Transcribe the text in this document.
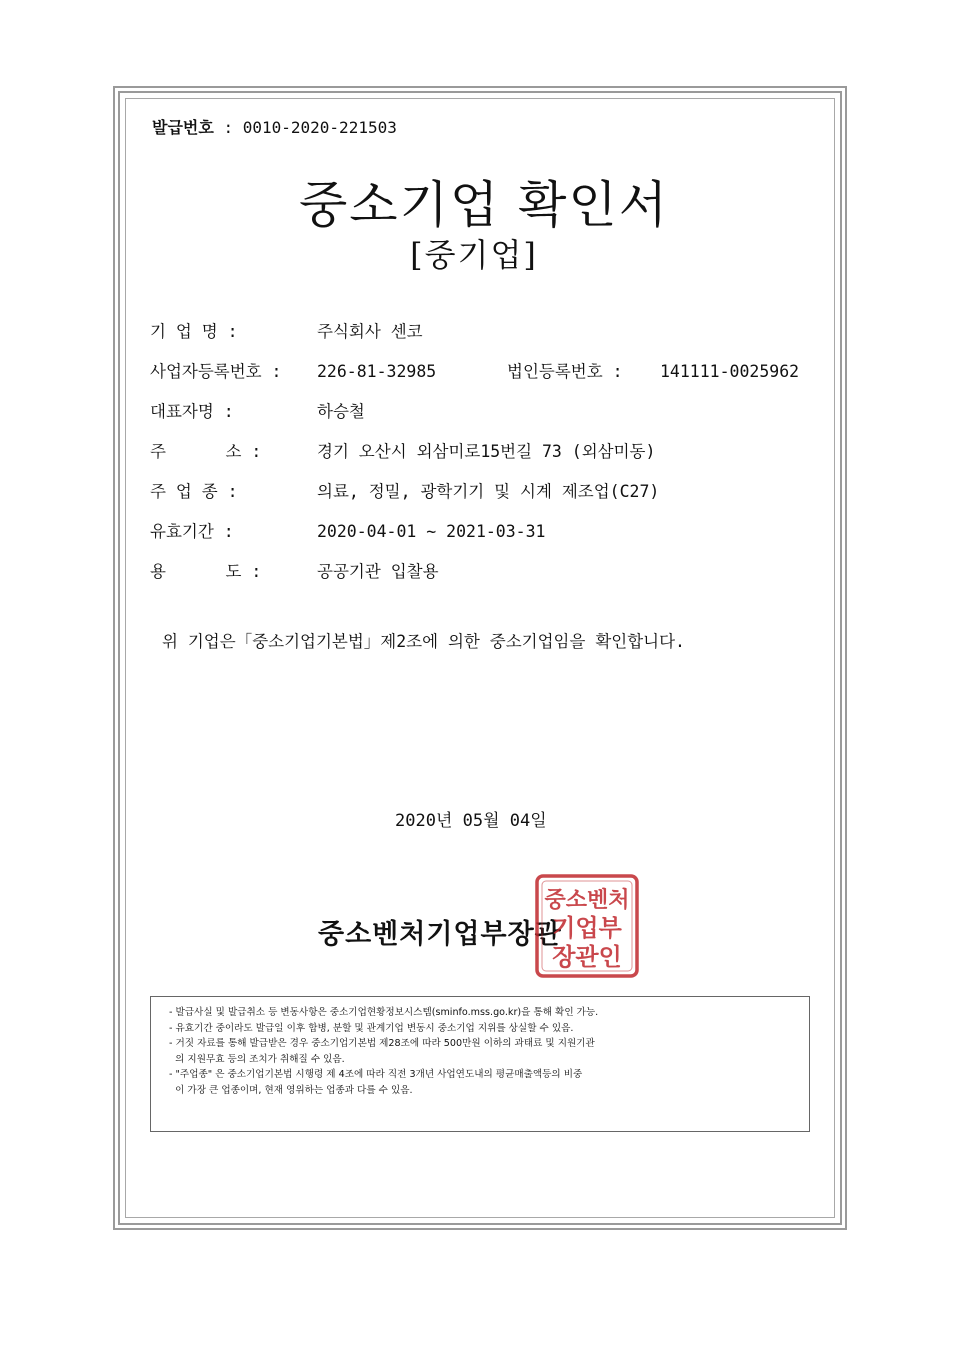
발급번호 : 0010-2020-221503
중소기업 확인서
[중기업]
기 업 명 :	주식회사 센코
사업자등록번호 : 226-81-32985	법인등록번호 : 141111-0025962
대표자명 :	하승철
주      소 :	경기 오산시 외삼미로15번길 73 (외삼미동)
주 업 종 :	의료, 정밀, 광학기기 및 시계 제조업(C27)
유효기간 :	2020-04-01 ~ 2021-03-31
용      도 :	공공기관 입찰용
위 기업은「중소기업기본법」제2조에 의한 중소기업임을 확인합니다.
2020년 05월 04일
중소벤처기업부장관
중소벤처
기업부
장관인
- 발급사실 및 발급취소 등 변동사항은 중소기업현황정보시스템(sminfo.mss.go.kr)을 통해 확인 가능.
- 유효기간 중이라도 발급일 이후 합병, 분할 및 관계기업 변동시 중소기업 지위를 상실할 수 있음.
- 거짓 자료를 통해 발급받은 경우 중소기업기본법 제28조에 따라 500만원 이하의 과태료 및 지원기관
의 지원무효 등의 조치가 취해질 수 있음.
- "주업종" 은 중소기업기본법 시행령 제 4조에 따라 직전 3개년 사업연도내의 평균매출액등의 비중
이 가장 큰 업종이며, 현재 영위하는 업종과 다를 수 있음.
